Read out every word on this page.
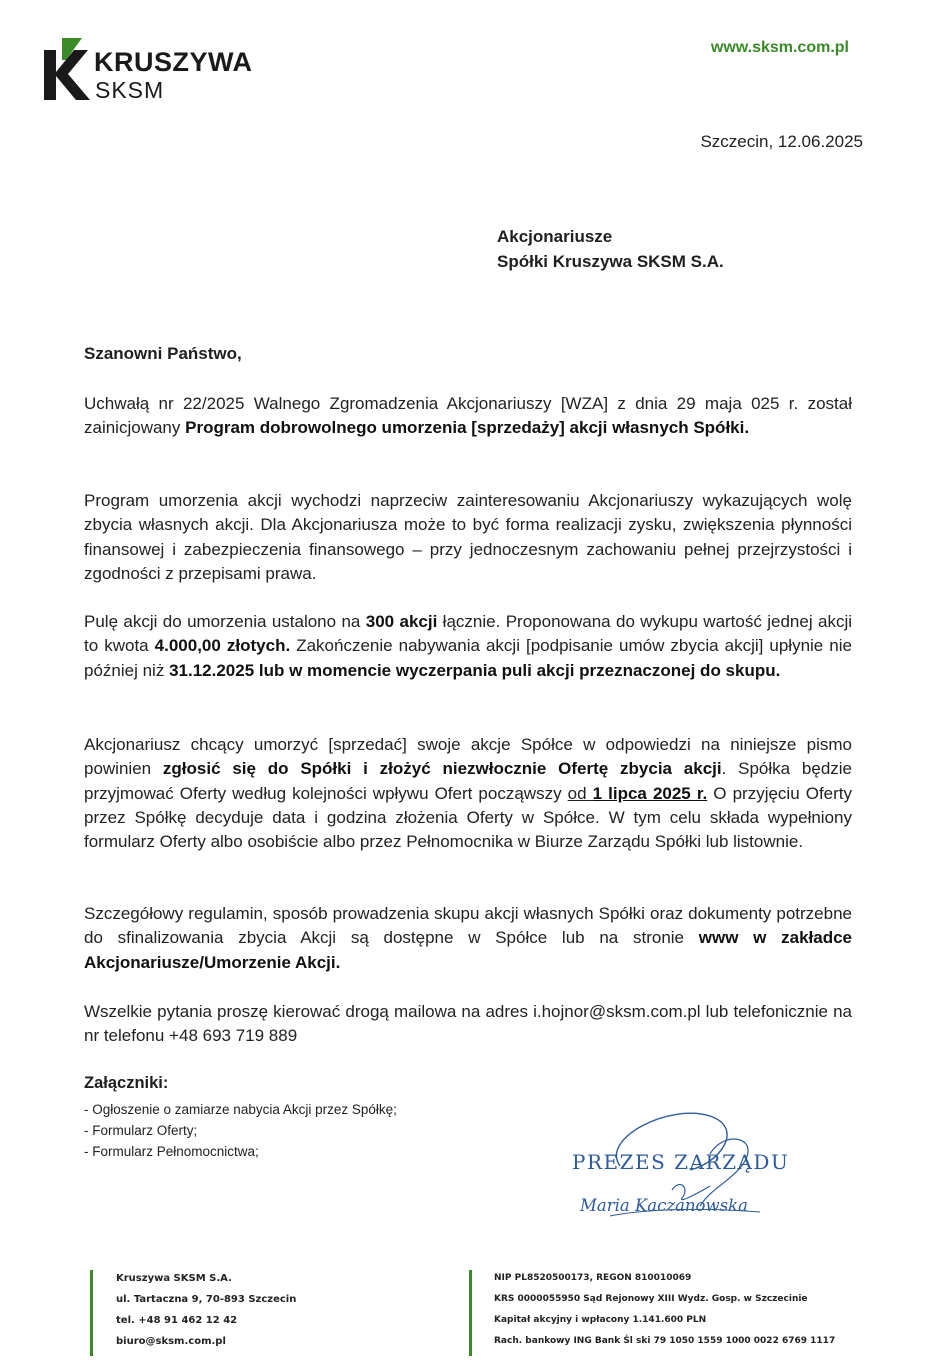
KRUSZYWA
SKSM
www.sksm.com.pl
Szczecin, 12.06.2025
Akcjonariusze
Spółki Kruszywa SKSM S.A.
Szanowni Państwo,
Uchwałą nr 22/2025 Walnego Zgromadzenia Akcjonariuszy [WZA] z dnia 29 maja 025 r. został zainicjowany Program dobrowolnego umorzenia [sprzedaży] akcji własnych Spółki.
Program umorzenia akcji wychodzi naprzeciw zainteresowaniu Akcjonariuszy wykazujących wolę zbycia własnych akcji. Dla Akcjonariusza może to być forma realizacji zysku, zwiększenia płynności finansowej i zabezpieczenia finansowego – przy jednoczesnym zachowaniu pełnej przejrzystości i zgodności z przepisami prawa.
Pulę akcji do umorzenia ustalono na 300 akcji łącznie. Proponowana do wykupu wartość jednej akcji to kwota 4.000,00 złotych. Zakończenie nabywania akcji [podpisanie umów zbycia akcji] upłynie nie później niż 31.12.2025 lub w momencie wyczerpania puli akcji przeznaczonej do skupu.
Akcjonariusz chcący umorzyć [sprzedać] swoje akcje Spółce w odpowiedzi na niniejsze pismo powinien zgłosić się do Spółki i złożyć niezwłocznie Ofertę zbycia akcji. Spółka będzie przyjmować Oferty według kolejności wpływu Ofert począwszy od 1 lipca 2025 r. O przyjęciu Oferty przez Spółkę decyduje data i godzina złożenia Oferty w Spółce. W tym celu składa wypełniony formularz Oferty albo osobiście albo przez Pełnomocnika w Biurze Zarządu Spółki lub listownie.
Szczegółowy regulamin, sposób prowadzenia skupu akcji własnych Spółki oraz dokumenty potrzebne do sfinalizowania zbycia Akcji są dostępne w Spółce lub na stronie www w zakładce Akcjonariusze/Umorzenie Akcji.
Wszelkie pytania proszę kierować drogą mailowa na adres i.hojnor@sksm.com.pl lub telefonicznie na nr telefonu +48 693 719 889
Załączniki:
- Ogłoszenie o zamiarze nabycia Akcji przez Spółkę;
- Formularz Oferty;
- Formularz Pełnomocnictwa;	PREZES ZARZĄDU
Maria Kaczanowska
Kruszywa SKSM S.A.
ul. Tartaczna 9, 70-893 Szczecin
tel. +48 91 462 12 42
biuro@sksm.com.pl
NIP PL8520500173, REGON 810010069
KRS 0000055950 Sąd Rejonowy XIII Wydz. Gosp. w Szczecinie
Kapitał akcyjny i wpłacony 1.141.600 PLN
Rach. bankowy ING Bank Śl ski 79 1050 1559 1000 0022 6769 1117
